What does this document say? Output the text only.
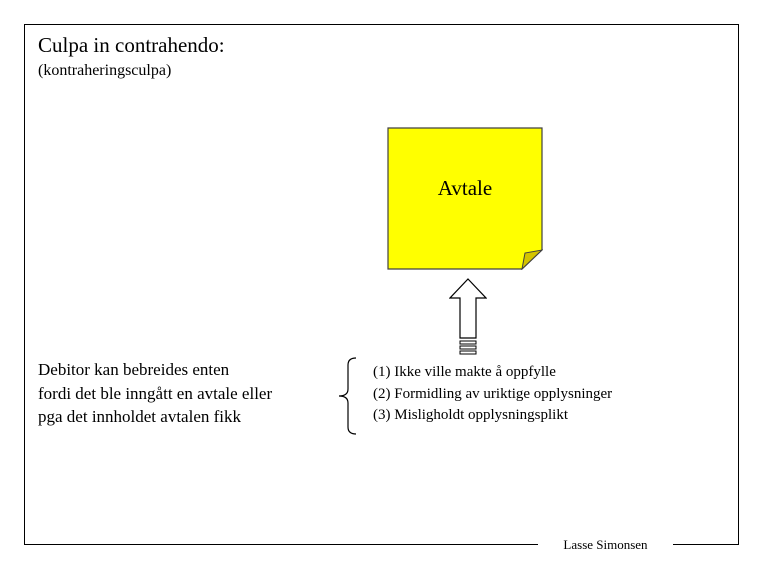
Culpa in contrahendo:
(kontraheringsculpa)
Avtale
Debitor kan bebreides enten
fordi det ble inngått en avtale eller
pga det innholdet avtalen fikk
(1) Ikke ville makte å oppfylle
(2) Formidling av uriktige opplysninger
(3) Misligholdt opplysningsplikt
Lasse Simonsen
